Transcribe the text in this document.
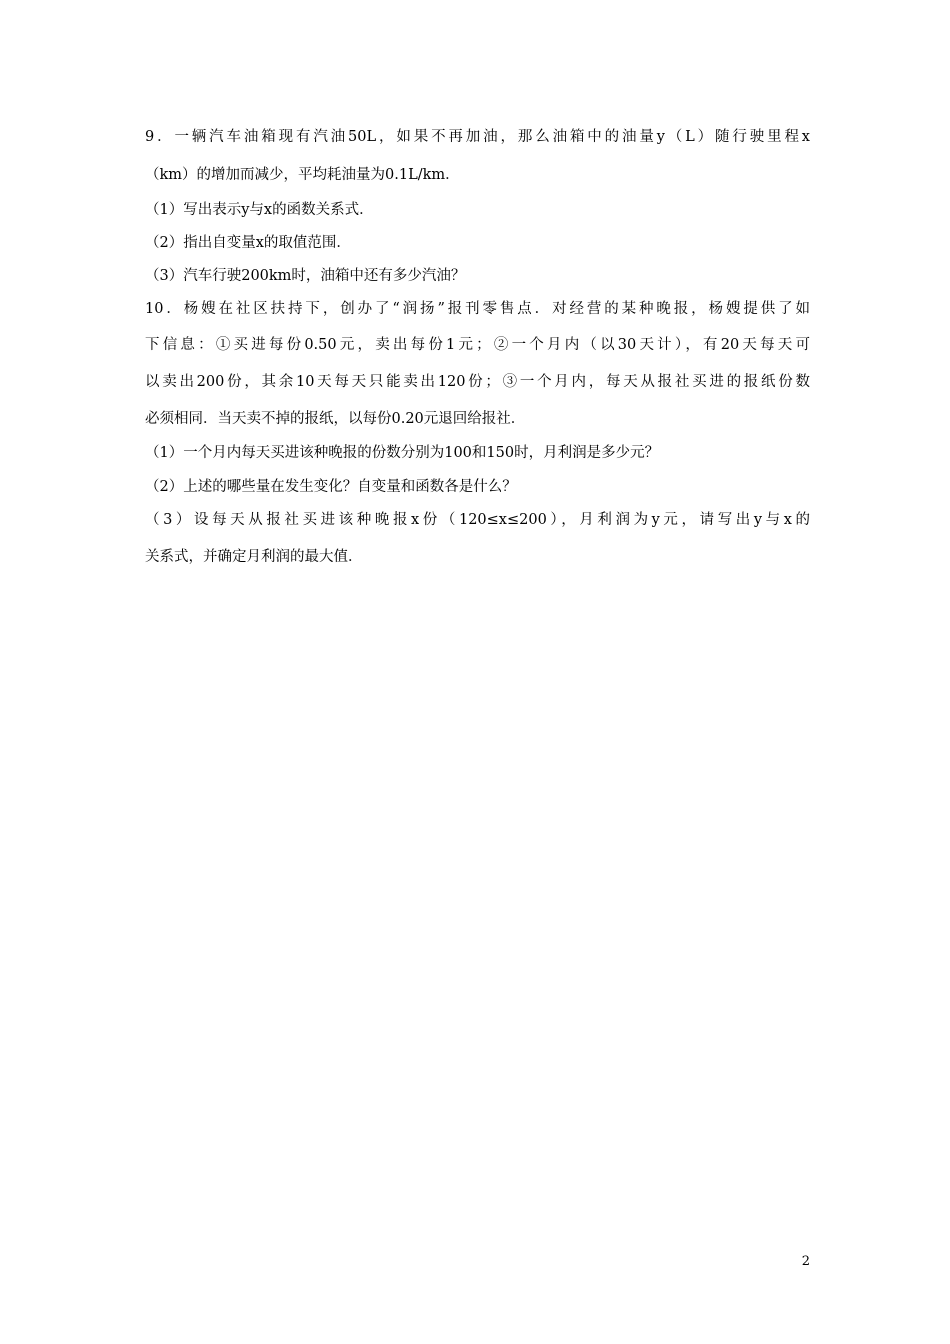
9．一辆汽车油箱现有汽油50L，如果不再加油，那么油箱中的油量y（L）随行驶里程x
（km）的增加而减少，平均耗油量为0.1L/km．
（1）写出表示y与x的函数关系式．
（2）指出自变量x的取值范围．
（3）汽车行驶200km时，油箱中还有多少汽油？
10．杨嫂在社区扶持下，创办了“润扬”报刊零售点．对经营的某种晚报，杨嫂提供了如
下信息：①买进每份0.50元，卖出每份1元；②一个月内（以30天计），有20天每天可
以卖出200份，其余10天每天只能卖出120份；③一个月内，每天从报社买进的报纸份数
必须相同．当天卖不掉的报纸，以每份0.20元退回给报社．
（1）一个月内每天买进该种晚报的份数分别为100和150时，月利润是多少元？
（2）上述的哪些量在发生变化？自变量和函数各是什么？
（3）设每天从报社买进该种晚报x份（120≤x≤200），月利润为y元，请写出y与x的
关系式，并确定月利润的最大值．
2
